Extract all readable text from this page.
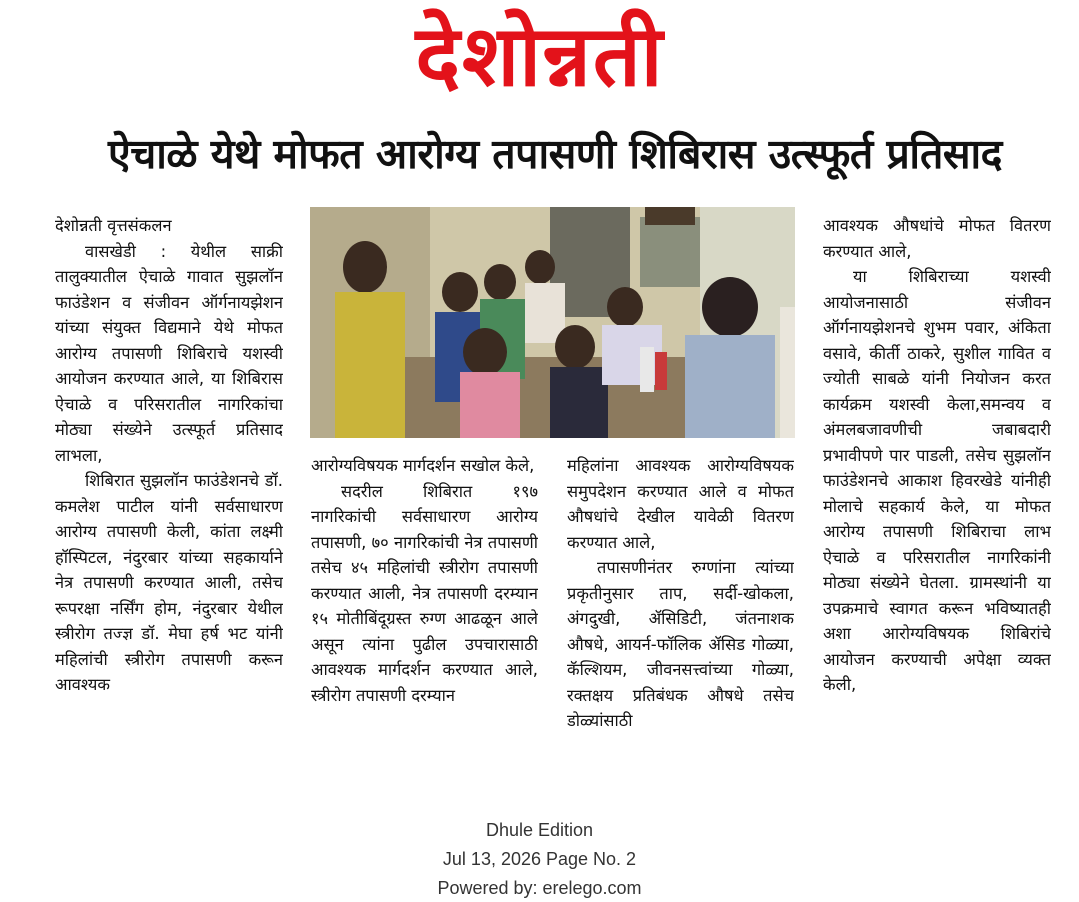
देशोन्नती
ऐचाळे येथे मोफत आरोग्य तपासणी शिबिरास उत्स्फूर्त प्रतिसाद

देशोन्नती वृत्तसंकलन

वासखेडी : येथील साक्री तालुक्यातील ऐचाळे गावात सुझलॉन फाउंडेशन व संजीवन ऑर्गनायझेशन यांच्या संयुक्त विद्यमाने येथे मोफत आरोग्य तपासणी शिबिराचे यशस्वी आयोजन करण्यात आले, या शिबिरास ऐचाळे व परिसरातील नागरिकांचा मोठ्या संख्येने उत्स्फूर्त प्रतिसाद लाभला,

शिबिरात सुझलॉन फाउंडेशनचे डॉ. कमलेश पाटील यांनी सर्वसाधारण आरोग्य तपासणी केली, कांता लक्ष्मी हॉस्पिटल, नंदुरबार यांच्या सहकार्याने नेत्र तपासणी करण्यात आली, तसेच रूपरक्षा नर्सिंग होम, नंदुरबार येथील स्त्रीरोग तज्ज्ञ डॉ. मेघा हर्ष भट यांनी महिलांची स्त्रीरोग तपासणी करून आवश्यक

आरोग्यविषयक मार्गदर्शन सखोल केले,

सदरील शिबिरात १९७ नागरिकांची सर्वसाधारण आरोग्य तपासणी, ७० नागरिकांची नेत्र तपासणी तसेच ४५ महिलांची स्त्रीरोग तपासणी करण्यात आली, नेत्र तपासणी दरम्यान १५ मोतीबिंदूग्रस्त रुग्ण आढळून आले असून त्यांना पुढील उपचारासाठी आवश्यक मार्गदर्शन करण्यात आले, स्त्रीरोग तपासणी दरम्यान

महिलांना आवश्यक आरोग्यविषयक समुपदेशन करण्यात आले व मोफत औषधांचे देखील यावेळी वितरण करण्यात आले,

तपासणीनंतर रुग्णांना त्यांच्या प्रकृतीनुसार ताप, सर्दी-खोकला, अंगदुखी, ॲसिडिटी, जंतनाशक औषधे, आयर्न-फॉलिक ॲसिड गोळ्या, कॅल्शियम, जीवनसत्त्वांच्या गोळ्या, रक्तक्षय प्रतिबंधक औषधे तसेच डोळ्यांसाठी

आवश्यक औषधांचे मोफत वितरण करण्यात आले,

या शिबिराच्या यशस्वी आयोजनासाठी संजीवन ऑर्गनायझेशनचे शुभम पवार, अंकिता वसावे, कीर्ती ठाकरे, सुशील गावित व ज्योती साबळे यांनी नियोजन करत कार्यक्रम यशस्वी केला,समन्वय व अंमलबजावणीची जबाबदारी प्रभावीपणे पार पाडली, तसेच सुझलॉन फाउंडेशनचे आकाश हिवरखेडे यांनीही मोलाचे सहकार्य केले, या मोफत आरोग्य तपासणी शिबिराचा लाभ ऐचाळे व परिसरातील नागरिकांनी मोठ्या संख्येने घेतला. ग्रामस्थांनी या उपक्रमाचे स्वागत करून भविष्यातही अशा आरोग्यविषयक शिबिरांचे आयोजन करण्याची अपेक्षा व्यक्त केली,

Dhule Edition
Jul 13, 2026 Page No. 2
Powered by: erelego.com
